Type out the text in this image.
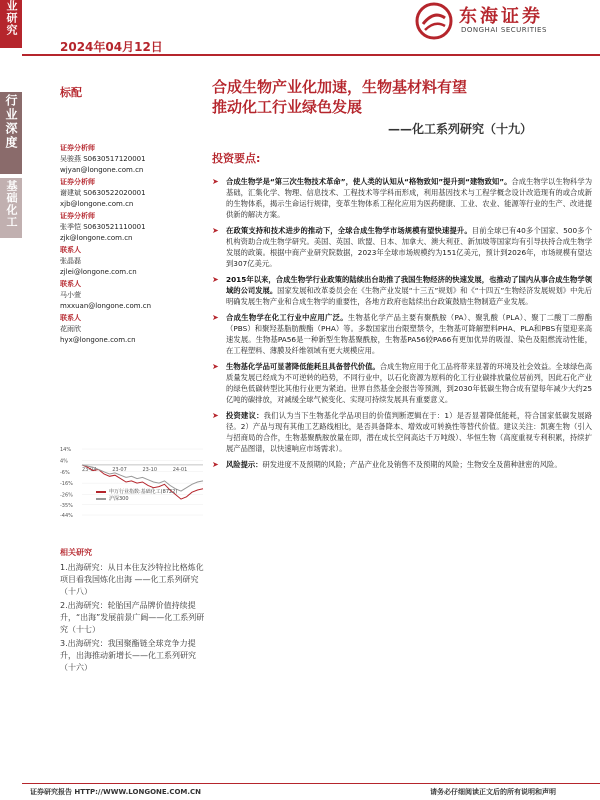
业研究
行业深度
基础化工
2024年04月12日
东海证券
DONGHAI SECURITIES
标配	合成生物产业化加速，生物基材料有望
推动化工行业绿色发展
——化工系列研究（十九）
证券分析师
吴骏燕 S0630517120001
wjyan@longone.com.cn
证券分析师
谢建斌 S0630522020001
xjb@longone.com.cn
证券分析师
张季恺 S0630521110001
zjk@longone.com.cn
联系人
张晶磊
zjlei@longone.com.cn
联系人
马小萱
mxxuan@longone.com.cn
联系人
花雨欣
hyx@longone.com.cn
14%
4%
-6%
-16%
-26%
-35%
-44%
23-04	23-07	23-10	24-01
申万行业指数:基础化工(8722)
沪深300
相关研究
1.出海研究：从日本住友沙特拉比格炼化项目看我国炼化出海 ——化工系列研究（十八）
2.出海研究：轮胎国产品牌价值持续提升，“出海”发展前景广阔——化工系列研究（十七）
3.出海研究：我国聚酯链全球竞争力提升，出海推动新增长——化工系列研究（十六）
投资要点:
➤ 合成生物学是“第三次生物技术革命”，使人类的认知从“格物致知”提升到“建物致知”。合成生物学以生物科学为基础，汇集化学、物理、信息技术、工程技术等学科而形成，利用基因技术与工程学概念设计改造现有的或合成新的生物体系，揭示生命运行规律，变革生物体系工程化应用为医药健康、工业、农业、能源等行业的生产、改进提供新的解决方案。
➤ 在政策支持和技术进步的推动下，全球合成生物学市场规模有望快速提升。目前全球已有40多个国家、500多个机构资助合成生物学研究。美国、英国、欧盟、日本、加拿大、澳大利亚、新加坡等国家均有引导扶持合成生物学发展的政策。根据中商产业研究院数据，2023年全球市场规模约为151亿美元，预计到2026年，市场规模有望达到307亿美元。
➤ 2015年以来，合成生物学行业政策的陆续出台助推了我国生物经济的快速发展，也推动了国内从事合成生物学领域的公司发展。国家发展和改革委员会在《生物产业发展“十三五”规划》和《“十四五”生物经济发展规划》中先后明确发展生物产业和合成生物学的重要性，各地方政府也陆续出台政策鼓励生物制造产业发展。
➤ 合成生物学在化工行业中应用广泛。生物基化学产品主要有聚酰胺（PA）、聚乳酸（PLA）、聚丁二酸丁二醇酯（PBS）和聚羟基脂肪酸酯（PHA）等。多数国家出台限塑禁令，生物基可降解塑料PHA、PLA和PBS有望迎来高速发展。生物基PA56是一种新型生物基聚酰胺，生物基PA56较PA66有更加优异的吸湿、染色及阻燃流动性能，在工程塑料、薄膜及纤维领域有更大规模应用。
➤ 生物基化学品可显著降低能耗且具备替代价值。合成生物应用于化工品将带来显著的环境及社会效益。全球绿色高质量发展已经成为不可逆转的趋势，不同行业中，以石化资源为原料的化工行业碳排放量位居前列，因此石化产业的绿色低碳转型比其他行业更为紧迫。世界自然基金会报告等预测，到2030年低碳生物合成有望每年减少大约25亿吨的碳排放，对减缓全球气候变化、实现可持续发展具有重要意义。
➤ 投资建议：我们认为当下生物基化学品项目的价值判断逻辑在于：1）是否显著降低能耗，符合国家低碳发展路径。2）产品与现有其他工艺路线相比，是否具备降本、增效或可转换性等替代价值。建议关注：凯赛生物（引入与招商局的合作，生物基聚酰胺放量在即，潜在成长空间高达千万吨级）、华恒生物（高度重视专利积累，持续扩展产品图谱，以快速响应市场需求）。
➤ 风险提示：研发进度不及预期的风险；产品产业化及销售不及预期的风险；生物安全及菌种泄密的风险。
证券研究报告 HTTP://WWW.LONGONE.COM.CN	请务必仔细阅读正文后的所有说明和声明
